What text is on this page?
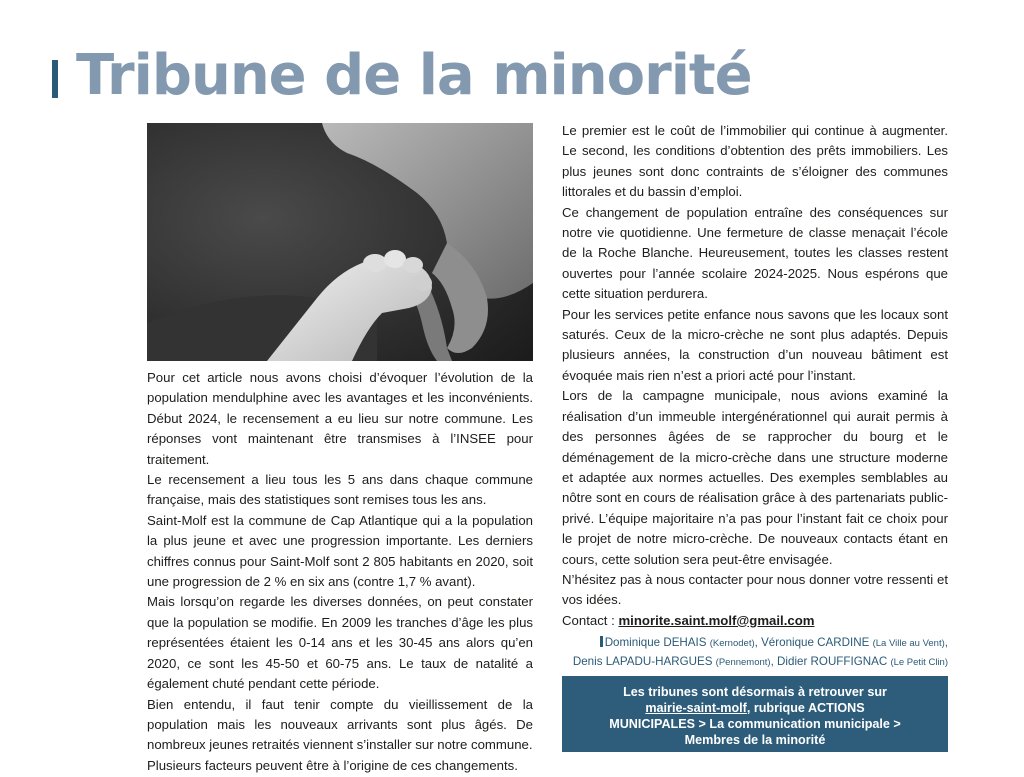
Tribune de la minorité

Pour cet article nous avons choisi d’évoquer l’évolution de la population mendulphine avec les avantages et les inconvénients. Début 2024, le recensement a eu lieu sur notre commune. Les réponses vont maintenant être transmises à l’INSEE pour traitement.

Le recensement a lieu tous les 5 ans dans chaque commune française, mais des statistiques sont remises tous les ans.

Saint-Molf est la commune de Cap Atlantique qui a la population la plus jeune et avec une progression importante. Les derniers chiffres connus pour Saint-Molf sont 2 805 habitants en 2020, soit une progression de 2 % en six ans (contre 1,7 % avant).

Mais lorsqu’on regarde les diverses données, on peut constater que la population se modifie. En 2009 les tranches d’âge les plus représentées étaient les 0-14 ans et les 30-45 ans alors qu’en 2020, ce sont les 45-50 et 60-75 ans. Le taux de natalité a également chuté pendant cette période.

Bien entendu, il faut tenir compte du vieillissement de la population mais les nouveaux arrivants sont plus âgés. De nombreux jeunes retraités viennent s’installer sur notre commune.

Plusieurs facteurs peuvent être à l’origine de ces changements.

Le premier est le coût de l’immobilier qui continue à augmenter. Le second, les conditions d’obtention des prêts immobiliers. Les plus jeunes sont donc contraints de s’éloigner des communes littorales et du bassin d’emploi.

Ce changement de population entraîne des conséquences sur notre vie quotidienne. Une fermeture de classe menaçait l’école de la Roche Blanche. Heureusement, toutes les classes restent ouvertes pour l’année scolaire 2024-2025. Nous espérons que cette situation perdurera.

Pour les services petite enfance nous savons que les locaux sont saturés. Ceux de la micro-crèche ne sont plus adaptés. Depuis plusieurs années, la construction d’un nouveau bâtiment est évoquée mais rien n’est a priori acté pour l’instant.

Lors de la campagne municipale, nous avions examiné la réalisation d’un immeuble intergénérationnel qui aurait permis à des personnes âgées de se rapprocher du bourg et le déménagement de la micro-crèche dans une structure moderne et adaptée aux normes actuelles. Des exemples semblables au nôtre sont en cours de réalisation grâce à des partenariats public-privé. L’équipe majoritaire n’a pas pour l’instant fait ce choix pour le projet de notre micro-crèche. De nouveaux contacts étant en cours, cette solution sera peut-être envisagée.

N’hésitez pas à nous contacter pour nous donner votre ressenti et vos idées.

Contact : minorite.saint.molf@gmail.com

Dominique DEHAIS (Kernodet), Véronique CARDINE (La Ville au Vent),
Denis LAPADU-HARGUES (Pennemont), Didier ROUFFIGNAC (Le Petit Clin)
Les tribunes sont désormais à retrouver sur
mairie-saint-molf, rubrique ACTIONS
MUNICIPALES > La communication municipale >
Membres de la minorité
